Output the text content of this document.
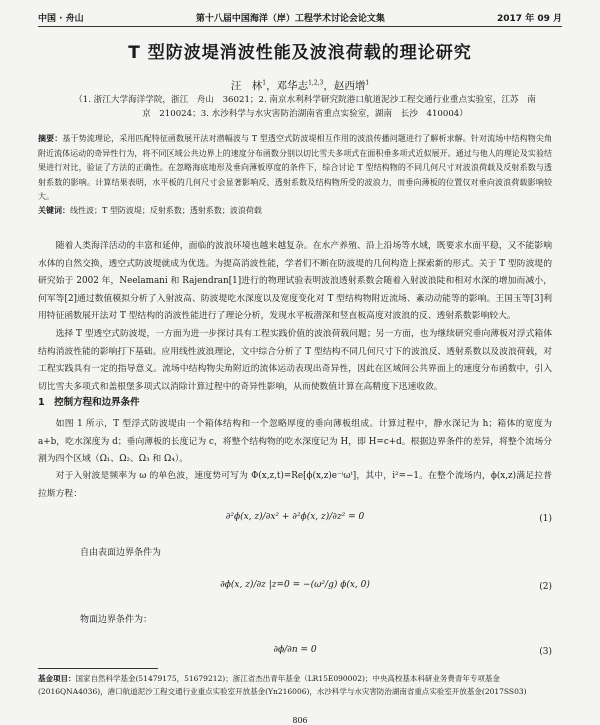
中国 · 舟山	第十八届中国海洋（岸）工程学术讨论会论文集	2017 年 09 月
T 型防波堤消波性能及波浪荷载的理论研究
汪　林$^1$，邓华志$^{1,2,3}$，赵西增$^1$
（1. 浙江大学海洋学院，浙江　舟山　36021；2. 南京水利科学研究院港口航道泥沙工程交通行业重点实验室，江苏　南京　210024；3. 水沙科学与水灾害防治湖南省重点实验室，湖南　长沙　410004）
摘要：基于势流理论，采用匹配特征函数展开法对潜幅波与 T 型透空式防波堤相互作用的波浪传播问题进行了解析求解。针对流场中结构物尖角附近流体运动的奇异性行为，将不同区域公共边界上的速度分布函数分别以切比雪夫多项式在面积垂多项式近似展开。通过与他人的理论及实验结果进行对比，验证了方法的正确性。在忽略海底地形及垂向薄板厚度的条件下，综合讨论 T 型结构物的不同几何尺寸对波浪荷载及反射系数与透射系数的影响。计算结果表明，水平板的几何尺寸会显著影响反、透射系数及结构物所受的波浪力，而垂向薄板的位置仅对垂向波浪荷载影响较大。
关键词：线性波；T 型防波堤；反射系数；透射系数；波浪荷载
随着人类海洋活动的丰富和延伸，面临的波浪环境也越来越复杂。在水产养殖、沿上沿场等水域，既要求水面平稳，又不能影响水体的自然交换，透空式防波堤就成为优选。为提高消波性能，学者们不断在防波堤的几何构造上探索新的形式。关于 T 型防波堤的研究始于 2002 年，Neelamani 和 Rajendran[1]进行的物理试验表明波浪透射系数会随着入射波浪陡和相对水深的增加而减小，何军等[2]通过数值模拟分析了入射波高、防波堤吃水深度以及宽度变化对 T 型结构物附近流场、紊动动能等的影响。王国玉等[3]利用特征函数展开法对 T 型结构的消波性能进行了理论分析，发现水平板潜深和竖直板高度对波浪的反、透射系数影响较大。
选择 T 型透空式防波堤，一方面为进一步探讨具有工程实践价值的波浪荷载问题；另一方面，也为继续研究垂向薄板对浮式箱体结构消波性能的影响打下基础。应用线性波浪理论，文中综合分析了 T 型结构不同几何尺寸下的波浪反、透射系数以及波浪荷载，对工程实践具有一定的指导意义。流场中结构物尖角附近的流体运动表现出奇异性，因此在区域间公共界面上的速度分布函数中，引入切比雪夫多项式和盖根堡多项式以消除计算过程中的奇异性影响，从而使数值计算在高精度下迅速收敛。
1　控制方程和边界条件
如图 1 所示，T 型浮式防波堤由一个箱体结构和一个忽略厚度的垂向薄板组成。计算过程中，静水深记为 h；箱体的宽度为 a+b，吃水深度为 d；垂向薄板的长度记为 c，将整个结构物的吃水深度记为 H，即 H=c+d。根据边界条件的差异，将整个流场分割为四个区域（Ω₁、Ω₂、Ω₃ 和 Ω₄）。
对于入射波是频率为 ω 的单色波，速度势可写为 Φ(x,z,t)=Re[ϕ(x,z)e⁻ⁱωᵗ]，其中，i²=−1。在整个流场内，ϕ(x,z)满足拉普拉斯方程：
∂²ϕ(x, z)/∂x² + ∂²ϕ(x, z)/∂z² = 0	(1)
自由表面边界条件为
∂ϕ(x, z)/∂z |z=0 = −(ω²/g) ϕ(x, 0)	(2)
物面边界条件为：
∂ϕ/∂n = 0	(3)
基金项目：国家自然科学基金(51479175，51679212)；浙江省杰出青年基金（LR15E090002)；中央高校基本科研业务费青年专项基金(2016QNA4036)，港口航道泥沙工程交通行业重点实验室开放基金(Yn216006)，水沙科学与水灾害防治湖南省重点实验室开放基金(2017SS03)
806
